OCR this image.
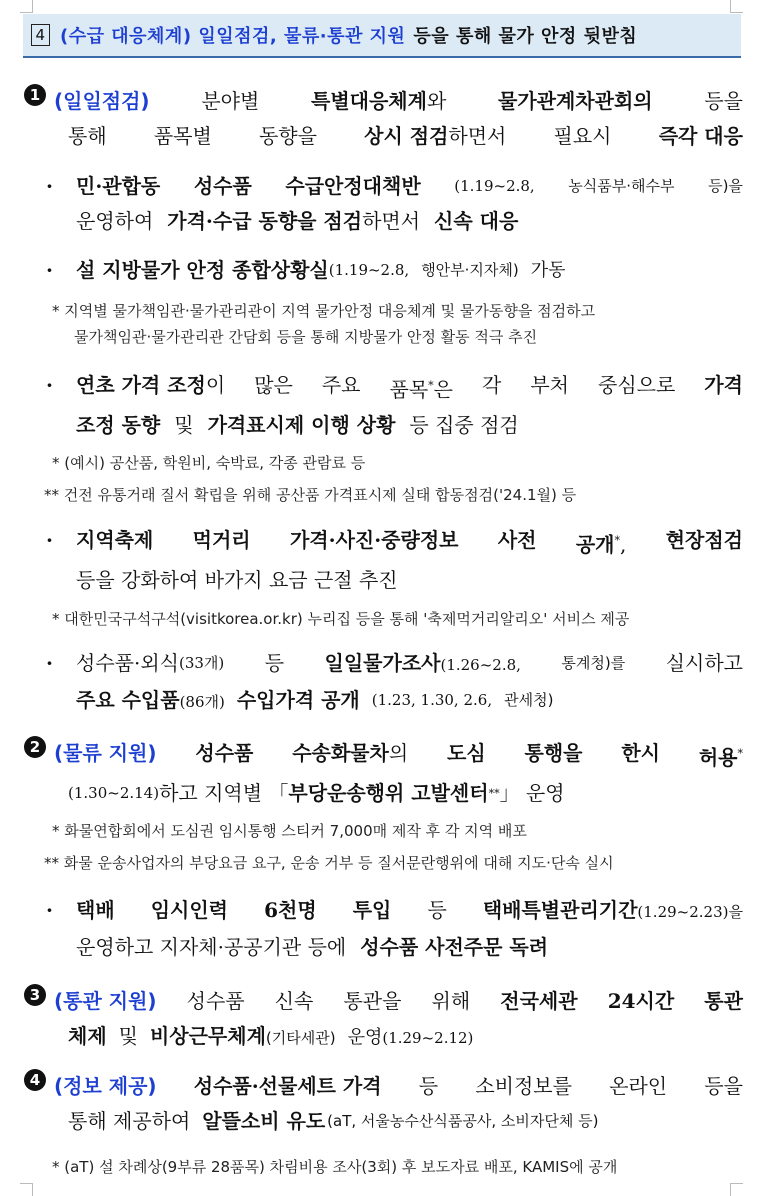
4 (수급 대응체계) 일일점검, 물류·통관 지원 등을 통해 물가 안정 뒷받침
1 (일일점검)	분야별	특별대응체계와	물가관계차관회의	등을
통해 품목별 동향을 상시 점검하면서 필요시 즉각 대응
·	민·관합동 성수품 수급안정대책반 (1.19~2.8, 농식품부·해수부 등)을
운영하여 가격·수급 동향을 점검 하면서 신속 대응
·	설 지방물가 안정 종합상황실 (1.19~2.8, 행안부·지자체) 가동
* 지역별 물가책임관·물가관리관이 지역 물가안정 대응체계 및 물가동향을 점검하고
물가책임관·물가관리관 간담회 등을 통해 지방물가 안정 활동 적극 추진
·	연초 가격 조정 이 많은 주요 품목*은 각 부처 중심으로 가격
조정 동향 및 가격표시제 이행 상황 등 집중 점검
* (예시) 공산품, 학원비, 숙박료, 각종 관람료 등
** 건전 유통거래 질서 확립을 위해 공산품 가격표시제 실태 합동점검('24.1월) 등
·	지역축제 먹거리 가격·사진·중량정보 사전 공개*, 현장점검
등을 강화하여 바가지 요금 근절 추진
* 대한민국구석구석(visitkorea.or.kr) 누리집 등을 통해 '축제먹거리알리오' 서비스 제공
·	성수품·외식 (33개) 등 일일물가조사(1.26~2.8,	통계청)를 실시하고
주요 수입품(86개) 수입가격 공개 (1.23, 1.30, 2.6, 관세청)
2 (물류 지원) 성수품 수송화물차의 도심 통행을 한시 허용*
(1.30~2.14) 하고 지역별 「 부당운송행위 고발센터 ** 」 운영
* 화물연합회에서 도심권 임시통행 스티커 7,000매 제작 후 각 지역 배포
** 화물 운송사업자의 부당요금 요구, 운송 거부 등 질서문란행위에 대해 지도·단속 실시
·	택배 임시인력 6천명 투입 등 택배특별관리기간(1.29~2.23)을
운영하고 지자체·공공기관 등에 성수품 사전주문 독려
3 (통관 지원) 성수품 신속 통관을 위해 전국세관 24시간 통관
체제 및 비상근무체계(기타세관) 운영(1.29~2.12)
4 (정보 제공) 성수품·선물세트 가격 등 소비정보를 온라인 등을
통해 제공하여 알뜰소비 유도 (aT, 서울농수산식품공사, 소비자단체 등)
* (aT) 설 차례상(9부류 28품목) 차림비용 조사(3회) 후 보도자료 배포, KAMIS에 공개
